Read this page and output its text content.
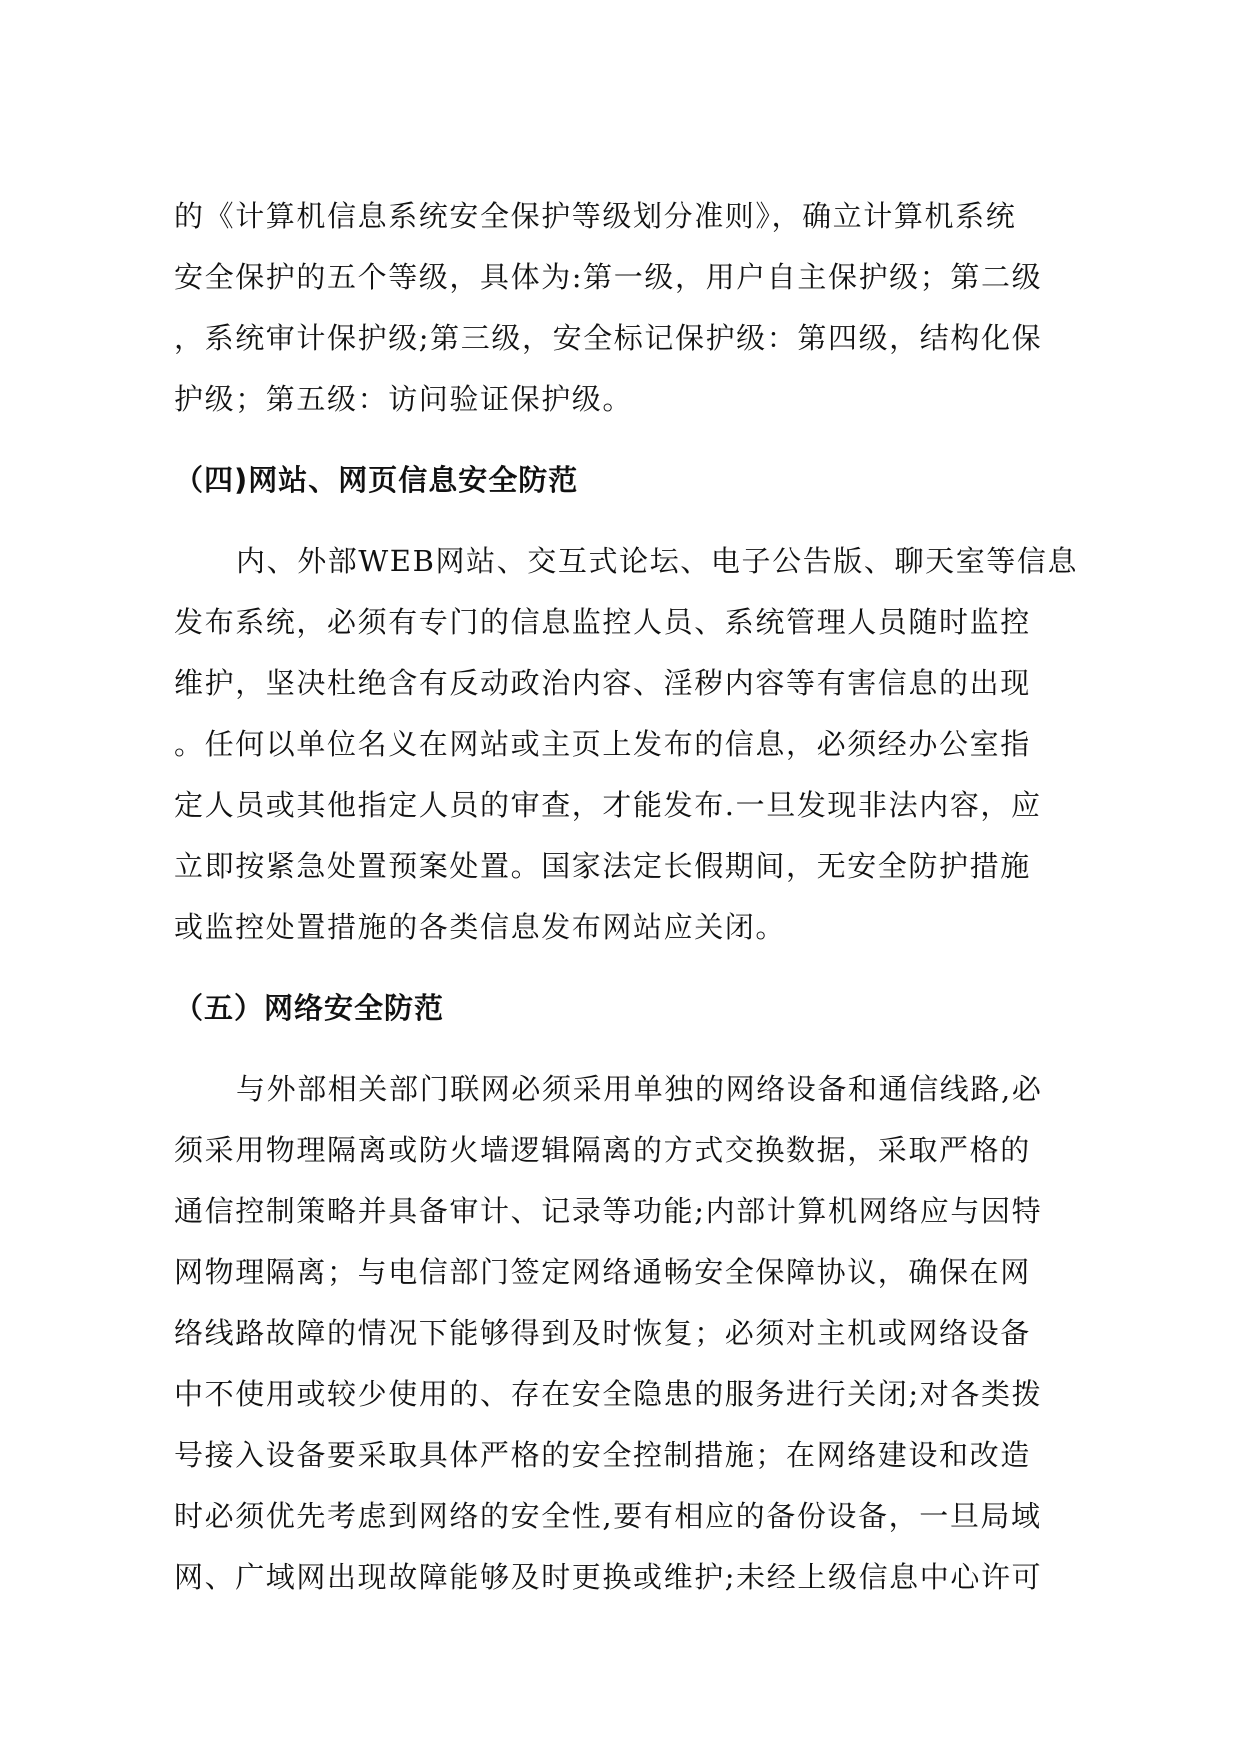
的《计算机信息系统安全保护等级划分准则》，确立计算机系统
安全保护的五个等级，具体为:第一级，用户自主保护级；第二级
，系统审计保护级;第三级，安全标记保护级：第四级，结构化保
护级；第五级：访问验证保护级。
（四)网站、网页信息安全防范
内、外部WEB网站、交互式论坛、电子公告版、聊天室等信息
发布系统，必须有专门的信息监控人员、系统管理人员随时监控
维护，坚决杜绝含有反动政治内容、淫秽内容等有害信息的出现
。任何以单位名义在网站或主页上发布的信息，必须经办公室指
定人员或其他指定人员的审查，才能发布.一旦发现非法内容，应
立即按紧急处置预案处置。国家法定长假期间，无安全防护措施
或监控处置措施的各类信息发布网站应关闭。
（五）网络安全防范
与外部相关部门联网必须采用单独的网络设备和通信线路,必
须采用物理隔离或防火墙逻辑隔离的方式交换数据，采取严格的
通信控制策略并具备审计、记录等功能;内部计算机网络应与因特
网物理隔离；与电信部门签定网络通畅安全保障协议，确保在网
络线路故障的情况下能够得到及时恢复；必须对主机或网络设备
中不使用或较少使用的、存在安全隐患的服务进行关闭;对各类拨
号接入设备要采取具体严格的安全控制措施；在网络建设和改造
时必须优先考虑到网络的安全性,要有相应的备份设备，一旦局域
网、广域网出现故障能够及时更换或维护;未经上级信息中心许可
